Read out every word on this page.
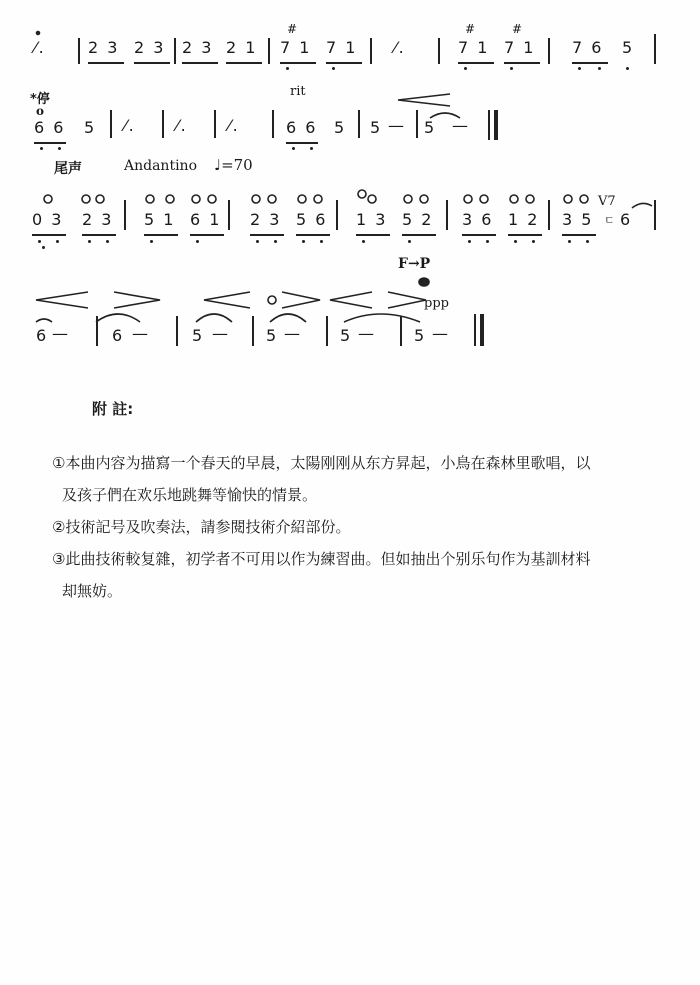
⁄.	2 3 2 3 2 3 2 1
#
7 1 7 1 ⁄.
#
7 1
#
7 1 7 6 5
*停
o
6 6 5 ⁄.	⁄.	⁄.
rit
6 6 5 5 — 5 —
尾声	Andantino ♩=70
0 3 2 3 5 1 6 1 2 3 5 6 1 3 5 2 3 6 1 2 3 5
V7
ㄷ 6
F→P
ppp
6 —	6 —	5 — 5 — 5 — 5 —
附 註:
①本曲内容为描寫一个春天的早晨，太陽刚刚从东方昇起，小鳥在森林里歌唱，以
及孩子們在欢乐地跳舞等愉快的情景。
②技術記号及吹奏法，請参閱技術介紹部份。
③此曲技術較复雜，初学者不可用以作为練習曲。但如抽出个别乐句作为基訓材料
却無妨。
